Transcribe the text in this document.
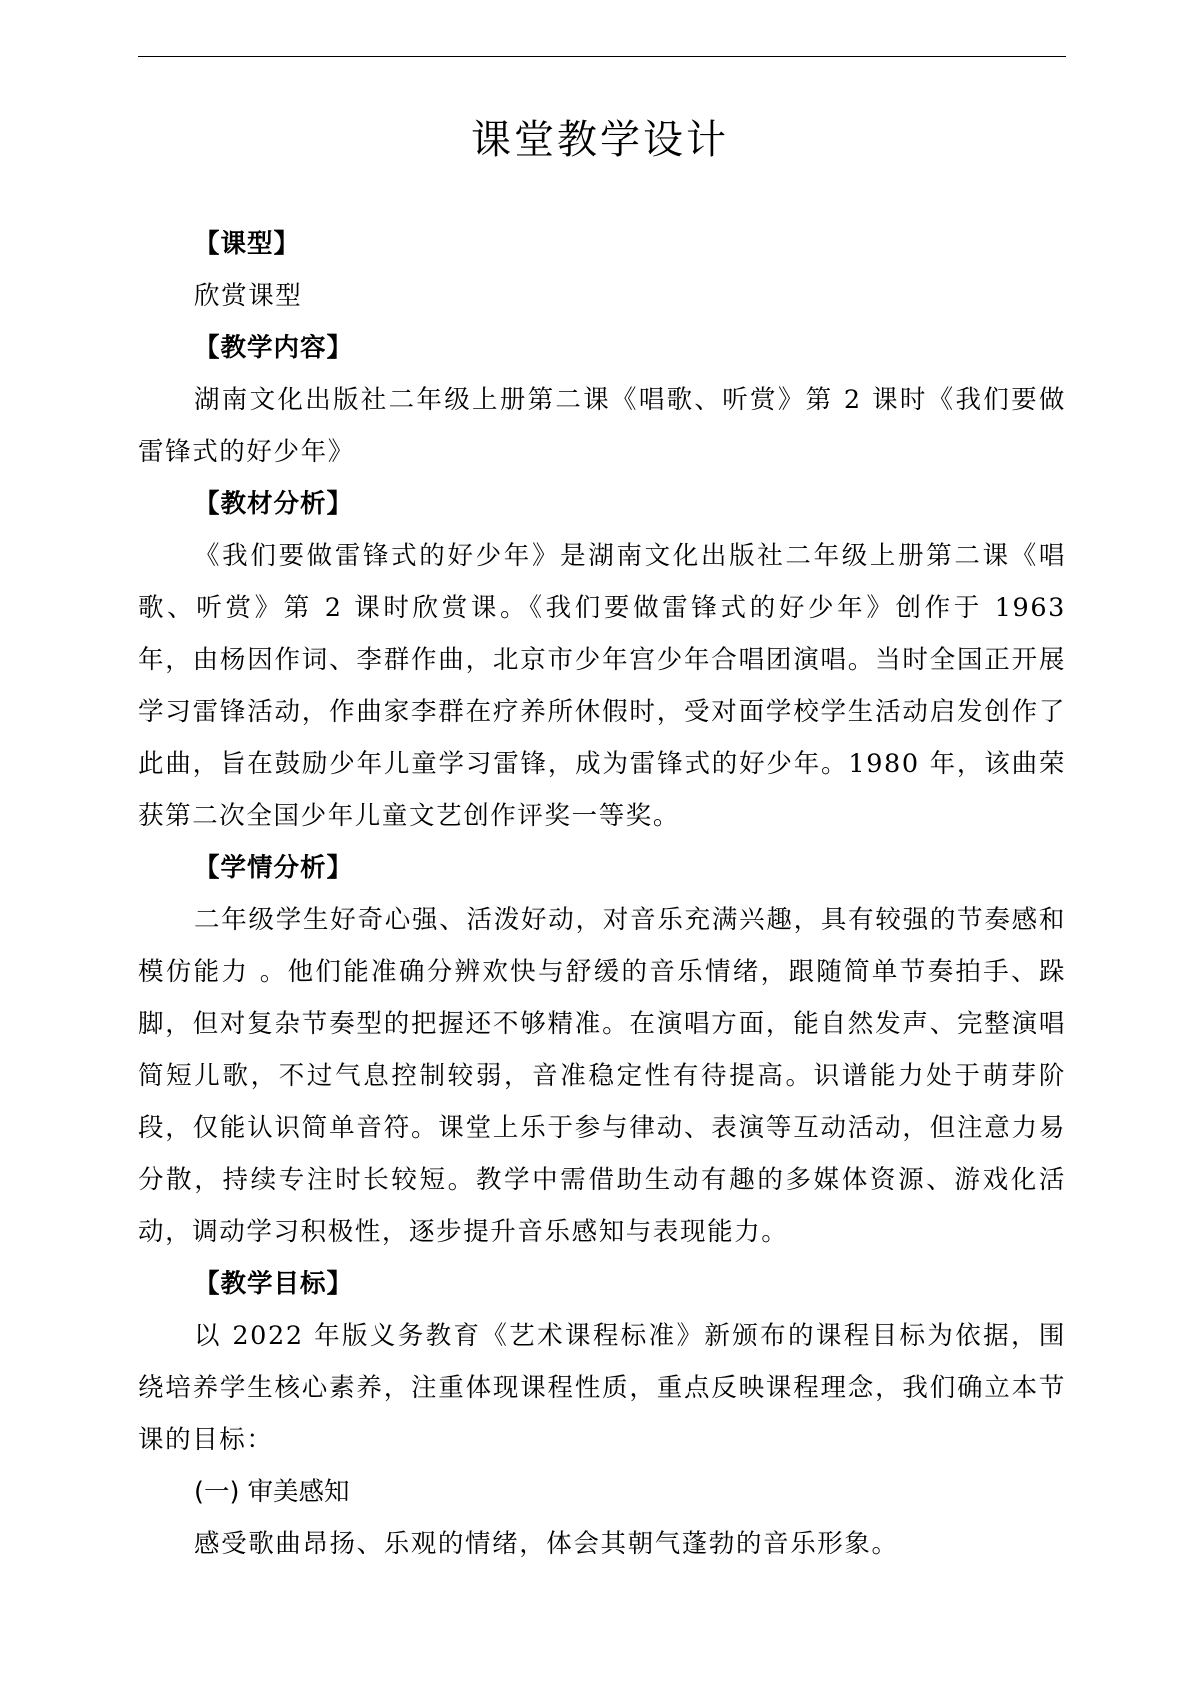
课堂教学设计

【课型】

欣赏课型

【教学内容】

湖南文化出版社二年级上册第二课《唱歌、听赏》第 2 课时《我们要做雷锋式的好少年》

【教材分析】

《我们要做雷锋式的好少年》是湖南文化出版社二年级上册第二课《唱歌、听赏》第 2 课时欣赏课。《我们要做雷锋式的好少年》创作于 1963 年，由杨因作词、李群作曲，北京市少年宫少年合唱团演唱。当时全国正开展学习雷锋活动，作曲家李群在疗养所休假时，受对面学校学生活动启发创作了此曲，旨在鼓励少年儿童学习雷锋，成为雷锋式的好少年。1980 年，该曲荣获第二次全国少年儿童文艺创作评奖一等奖。

【学情分析】

二年级学生好奇心强、活泼好动，对音乐充满兴趣，具有较强的节奏感和模仿能力 。他们能准确分辨欢快与舒缓的音乐情绪，跟随简单节奏拍手、跺脚，但对复杂节奏型的把握还不够精准。在演唱方面，能自然发声、完整演唱简短儿歌，不过气息控制较弱，音准稳定性有待提高。识谱能力处于萌芽阶段，仅能认识简单音符。课堂上乐于参与律动、表演等互动活动，但注意力易分散，持续专注时长较短。教学中需借助生动有趣的多媒体资源、游戏化活动，调动学习积极性，逐步提升音乐感知与表现能力。

【教学目标】

以 2022 年版义务教育《艺术课程标准》新颁布的课程目标为依据，围绕培养学生核心素养，注重体现课程性质，重点反映课程理念，我们确立本节课的目标：

(一) 审美感知

感受歌曲昂扬、乐观的情绪，体会其朝气蓬勃的音乐形象。
